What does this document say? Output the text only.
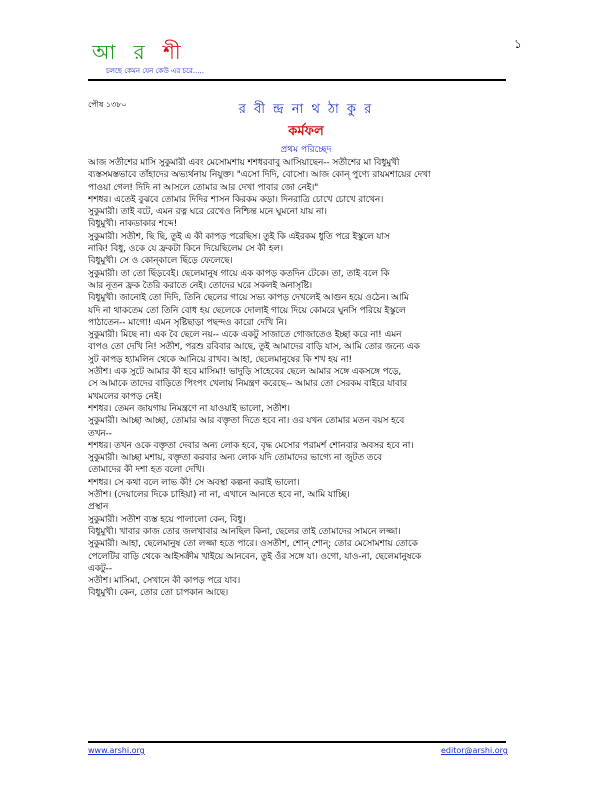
১
আ র শী
চলছে কেমন যেন কেউ এর চরে.....
পৌষ ১৩৮০	র বী ন্দ্র না থ ঠা কু র
কর্মফল
প্রথম পরিচ্ছেদ
আজ সতীশের মাসি সুকুমারী এবং মেসোমশায় শশধরবাবু আসিয়াছেন-- সতীশের মা বিধুমুখী
ব্যস্তসমস্তভাবে তাঁহাদের অভ্যর্থনায় নিযুক্ত। "এসো দিদি, বোসো। আজ কোন্ পুণ্যে রায়মশায়ের দেখা
পাওয়া গেল! দিদি না আসলে তোমার আর দেখা পাবার জো নেই।"
শশধর। এতেই বুঝবে তোমার দিদির শাসন কিরকম কড়া। দিনরাত্রি চোখে চোখে রাখেন।
সুকুমারী। তাই বটে, এমন রত্ন ঘরে রেখেও নিশ্চিন্ত মনে ঘুমনো যায় না।
বিধুমুখী। নাকডাকার শব্দে!
সুকুমারী। সতীশ, ছি ছি, তুই এ কী কাপড় পরেছিস। তুই কি এইরকম ধুতি পরে ইস্কুলে যাস
নাকি! বিধু, ওকে যে ফ্রকটা কিনে দিয়েছিলেম সে কী হল।
বিধুমুখী। সে ও কোন্‌কালে ছিঁড়ে ফেলেছে।
সুকুমারী। তা তো ছিঁড়বেই। ছেলেমানুষ গায়ে এক কাপড় কতদিন টেকে। তা, তাই বলে কি
আর নূতন ফ্রক তৈরি করাতে নেই। তোদের ঘরে সকলই অনাসৃষ্টি।
বিধুমুখী। জানোই তো দিদি, তিনি ছেলের গায়ে সভ্য কাপড় দেখলেই আগুন হয়ে ওঠেন। আমি
যদি না থাকতেম তো তিনি বোধ হয় ছেলেকে দোলাই গায়ে দিয়ে কোমরে ঘুনসি পরিয়ে ইস্কুলে
পাঠাতেন-- মাগো! এমন সৃষ্টিছাড়া পছন্দও কারো দেখি নি।
সুকুমারী। মিছে না। এক বৈ ছেলে নয়-- একে একটু সাজাতে গোজাতেও ইচ্ছা করে না! এমন
বাপও তো দেখি নি! সতীশ, পরশু রবিবার আছে, তুই আমাদের বাড়ি যাস, আমি তোর জন্যে এক
সুট কাপড় হ্যামলিন থেকে আনিয়ে রাখব। আহা, ছেলেমানুষের কি শখ হয় না!
সতীশ। এক সুটে আমার কী হবে মাসিমা! ভাদুড়ি সাহেবের ছেলে আমার সঙ্গে একসঙ্গে পড়ে,
সে আমাকে তাদের বাড়িতে পিংপং খেলায় নিমন্ত্রণ করেছে-- আমার তো সেরকম বাইরে যাবার
মখমলের কাপড় নেই।
শশধর। তেমন জায়গায় নিমন্ত্রণে না যাওয়াই ভালো, সতীশ।
সুকুমারী। আচ্ছা আচ্ছা, তোমার আর বক্তৃতা দিতে হবে না। ওর যখন তোমার মতন বয়স হবে
তখন--
শশধর। তখন ওকে বক্তৃতা দেবার অন্য লোক হবে, বৃদ্ধ মেসোর পরামর্শ শোনবার অবসর হবে না।
সুকুমারী। আচ্ছা মশায়, বক্তৃতা করবার অন্য লোক যদি তোমাদের ভাগ্যে না জুটত তবে
তোমাদের কী দশা হত বলো দেখি।
শশধর। সে কথা বলে লাভ কী! সে অবস্থা কল্পনা করাই ভালো।
সতীশ। (দেয়ালের দিকে চাহিয়া) না না, এখানে আনতে হবে না, আমি যাচ্ছি।
প্রস্থান
সুকুমারী। সতীশ ব্যস্ত হয়ে পালালো কেন, বিধু।
বিধুমুখী। খাবার কাজ তোর জলখাবার আনছিল কিনা, ছেলের তাই তোমাদের সামনে লজ্জা।
সুকুমারী। আহা, ছেলেমানুষ তো লজ্জা হতে পারে। ওসতীশ, শোন্‌ শোন্‌; তোর মেসোমশায় তোকে
পেলেটির বাড়ি থেকে আইসক্রীম খাইয়ে আনবেন, তুই ওঁর সঙ্গে যা। ওগো, যাও-না, ছেলেমানুষকে
একটু--
সতীশ। মাসিমা, সেখানে কী কাপড় পরে যাব।
বিধুমুখী। কেন, তোর তো চাপকান আছে।
www.arshi.org	editor@arshi.org
